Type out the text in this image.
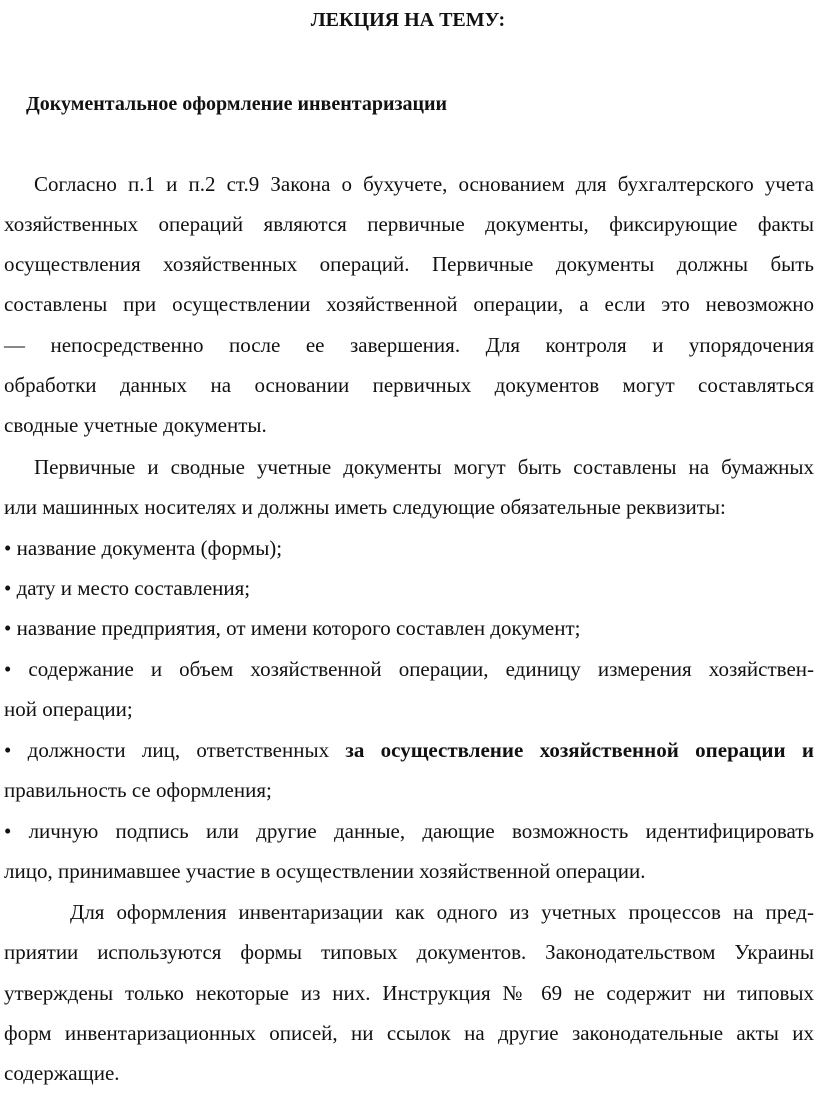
ЛЕКЦИЯ НА ТЕМУ:
Документальное оформление инвентаризации
Согласно п.1 и п.2 ст.9 Закона о бухучете, основанием для бухгалтерского учета
хозяйственных операций являются первичные документы, фиксирующие факты
осуществления хозяйственных операций. Первичные документы должны быть
составлены при осуществлении хозяйственной операции, а если это невозможно
— непосредственно после ее завершения. Для контроля и упорядочения
обработки данных на основании первичных документов могут составляться
сводные учетные документы.
Первичные и сводные учетные документы могут быть составлены на бумажных
или машинных носителях и должны иметь следующие обязательные реквизиты:
• название документа (формы);
• дату и место составления;
• название предприятия, от имени которого составлен документ;
• содержание и объем хозяйственной операции, единицу измерения хозяйствен-
ной операции;
• должности лиц, ответственных за осуществление хозяйственной операции и
правильность се оформления;
• личную подпись или другие данные, дающие возможность идентифицировать
лицо, принимавшее участие в осуществлении хозяйственной операции.
Для оформления инвентаризации как одного из учетных процессов на пред-
приятии используются формы типовых документов. Законодательством Украины
утверждены только некоторые из них. Инструкция № 69 не содержит ни типовых
форм инвентаризационных описей, ни ссылок на другие законодательные акты их
содержащие.
